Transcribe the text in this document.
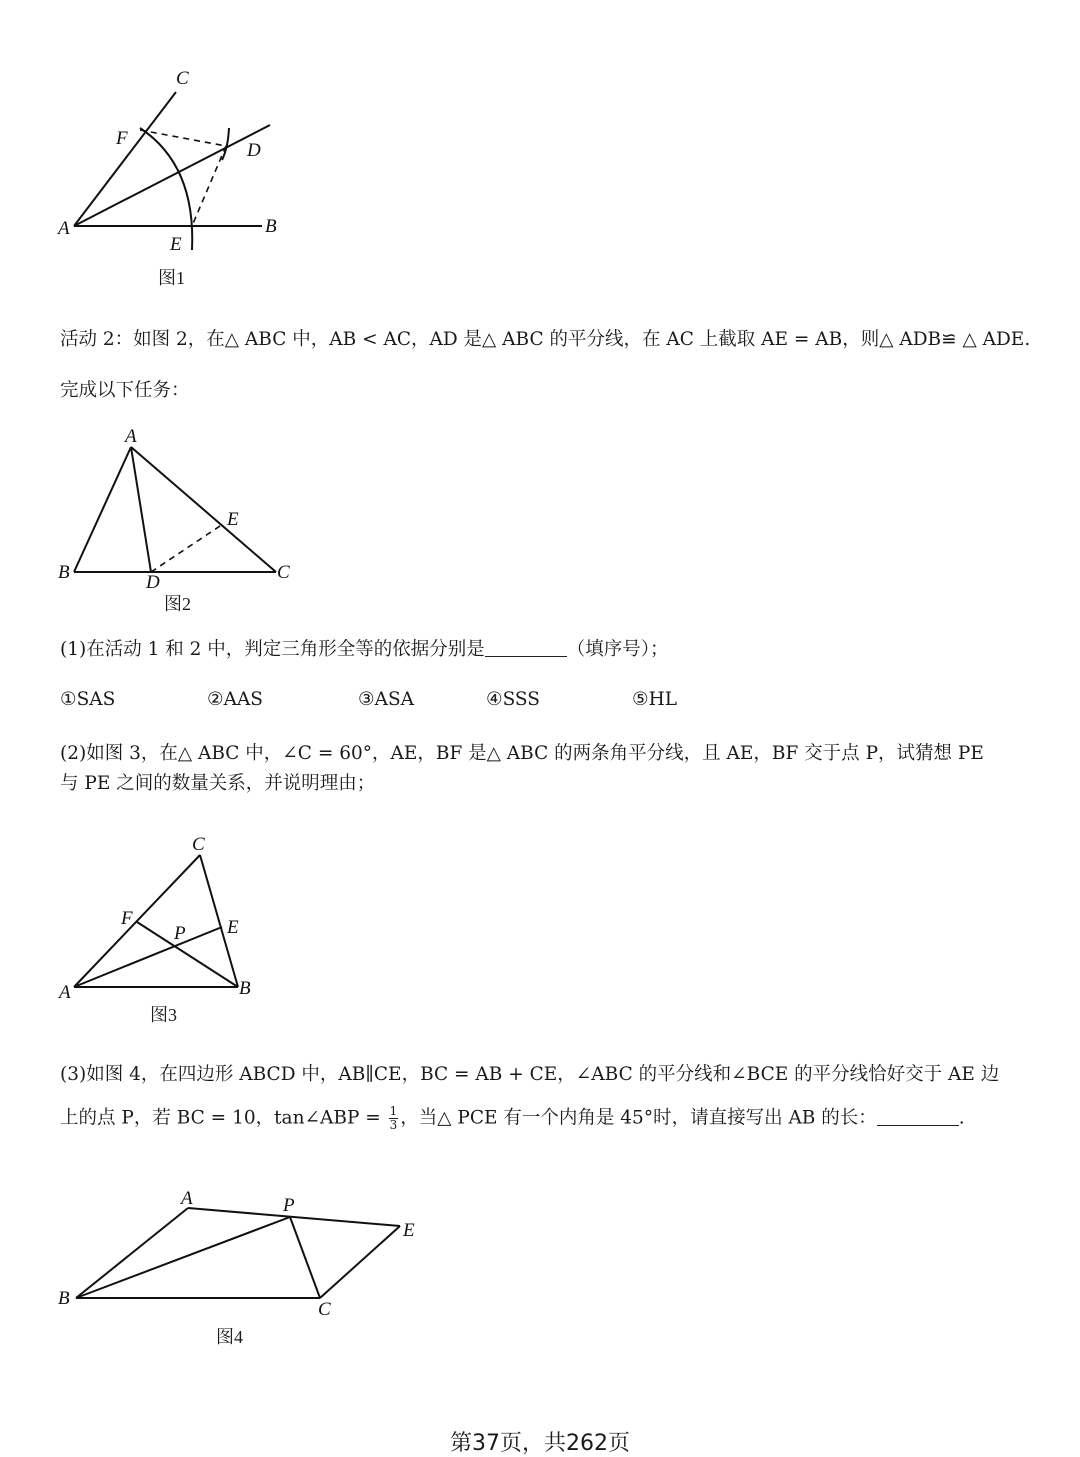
C
F
D
A
E
B
图1
活动 2：如图 2，在△ ABC 中，AB < AC，AD 是△ ABC 的平分线，在 AC 上截取 AE = AB，则△ ADB≌ △ ADE.
完成以下任务：
A
E
B	D	C
图2
(1)在活动 1 和 2 中，判定三角形全等的依据分别是	（填序号）；
①SAS	②AAS	③ASA	④SSS	⑤HL
(2)如图 3，在△ ABC 中，∠C = 60°，AE，BF 是△ ABC 的两条角平分线，且 AE，BF 交于点 P，试猜想 PE
与 PE 之间的数量关系，并说明理由；
C
F	E
P
A	B
图3
(3)如图 4，在四边形 ABCD 中，AB∥CE，BC = AB + CE，∠ABC 的平分线和∠BCE 的平分线恰好交于 AE 边
上的点 P，若 BC = 10，tan∠ABP = $\frac{1}{3}$ ，当△ PCE 有一个内角是 45°时，请直接写出 AB 的长：	.
A	P
E
B
C
图4
第37页，共262页
